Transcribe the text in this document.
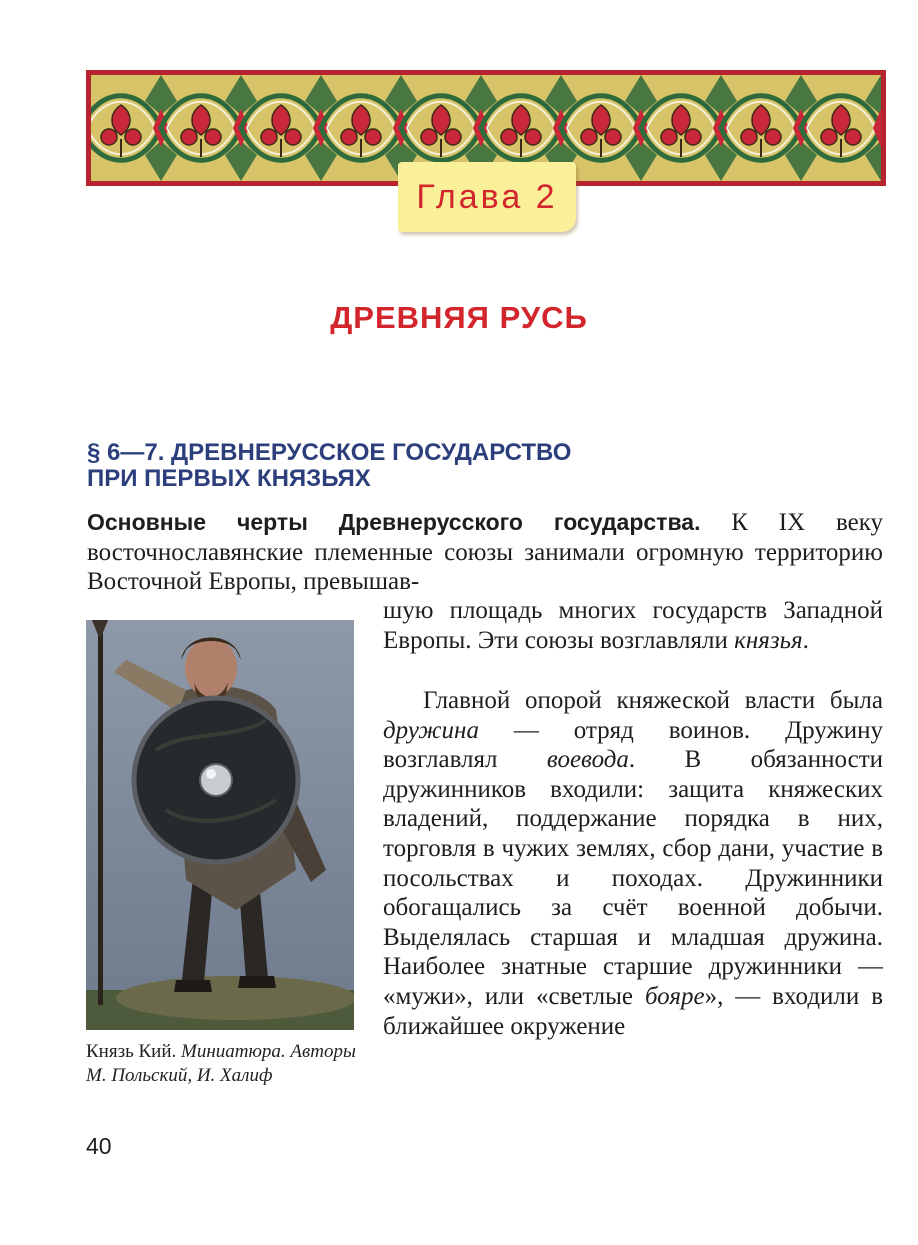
Глава 2
ДРЕВНЯЯ РУСЬ
§ 6—7. ДРЕВНЕРУССКОЕ ГОСУДАРСТВО
ПРИ ПЕРВЫХ КНЯЗЬЯХ
Основные черты Древнерусского государства. К IX веку восточнославянские племенные союзы занимали огромную территорию Восточной Европы, превышав-
шую площадь многих государств Западной Европы. Эти союзы возглавляли князья.
Главной опорой княжеской власти была дружина — отряд воинов. Дружину возглавлял воевода. В обязанности дружинников входили: защита княжеских владений, поддержание порядка в них, торговля в чужих землях, сбор дани, участие в посольствах и походах. Дружинники обогащались за счёт военной добычи. Выделялась старшая и младшая дружина. Наиболее знатные старшие дружинники — «мужи», или «светлые бояре», — входили в ближайшее окружение
Князь Кий. Миниатюра. Авторы М. Польский, И. Халиф
40
